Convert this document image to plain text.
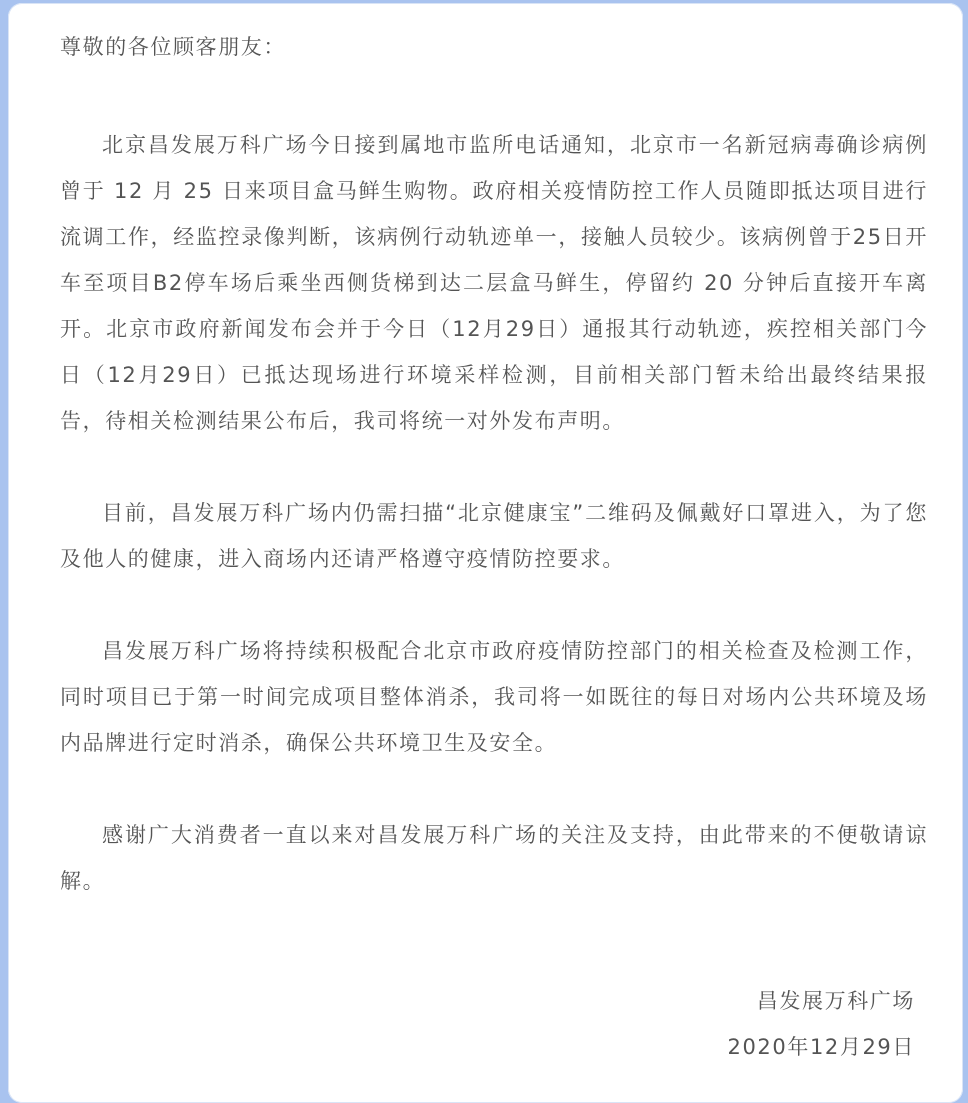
尊敬的各位顾客朋友：

北京昌发展万科广场今日接到属地市监所电话通知，北京市一名新冠病毒确诊病例曾于 12 月 25 日来项目盒马鲜生购物。政府相关疫情防控工作人员随即抵达项目进行流调工作，经监控录像判断，该病例行动轨迹单一，接触人员较少。该病例曾于25日开车至项目B2停车场后乘坐西侧货梯到达二层盒马鲜生，停留约 20 分钟后直接开车离开。北京市政府新闻发布会并于今日（12月29日）通报其行动轨迹，疾控相关部门今日（12月29日）已抵达现场进行环境采样检测，目前相关部门暂未给出最终结果报告，待相关检测结果公布后，我司将统一对外发布声明。

目前，昌发展万科广场内仍需扫描“北京健康宝”二维码及佩戴好口罩进入，为了您及他人的健康，进入商场内还请严格遵守疫情防控要求。

昌发展万科广场将持续积极配合北京市政府疫情防控部门的相关检查及检测工作，同时项目已于第一时间完成项目整体消杀，我司将一如既往的每日对场内公共环境及场内品牌进行定时消杀，确保公共环境卫生及安全。

感谢广大消费者一直以来对昌发展万科广场的关注及支持，由此带来的不便敬请谅解。

昌发展万科广场

2020年12月29日
